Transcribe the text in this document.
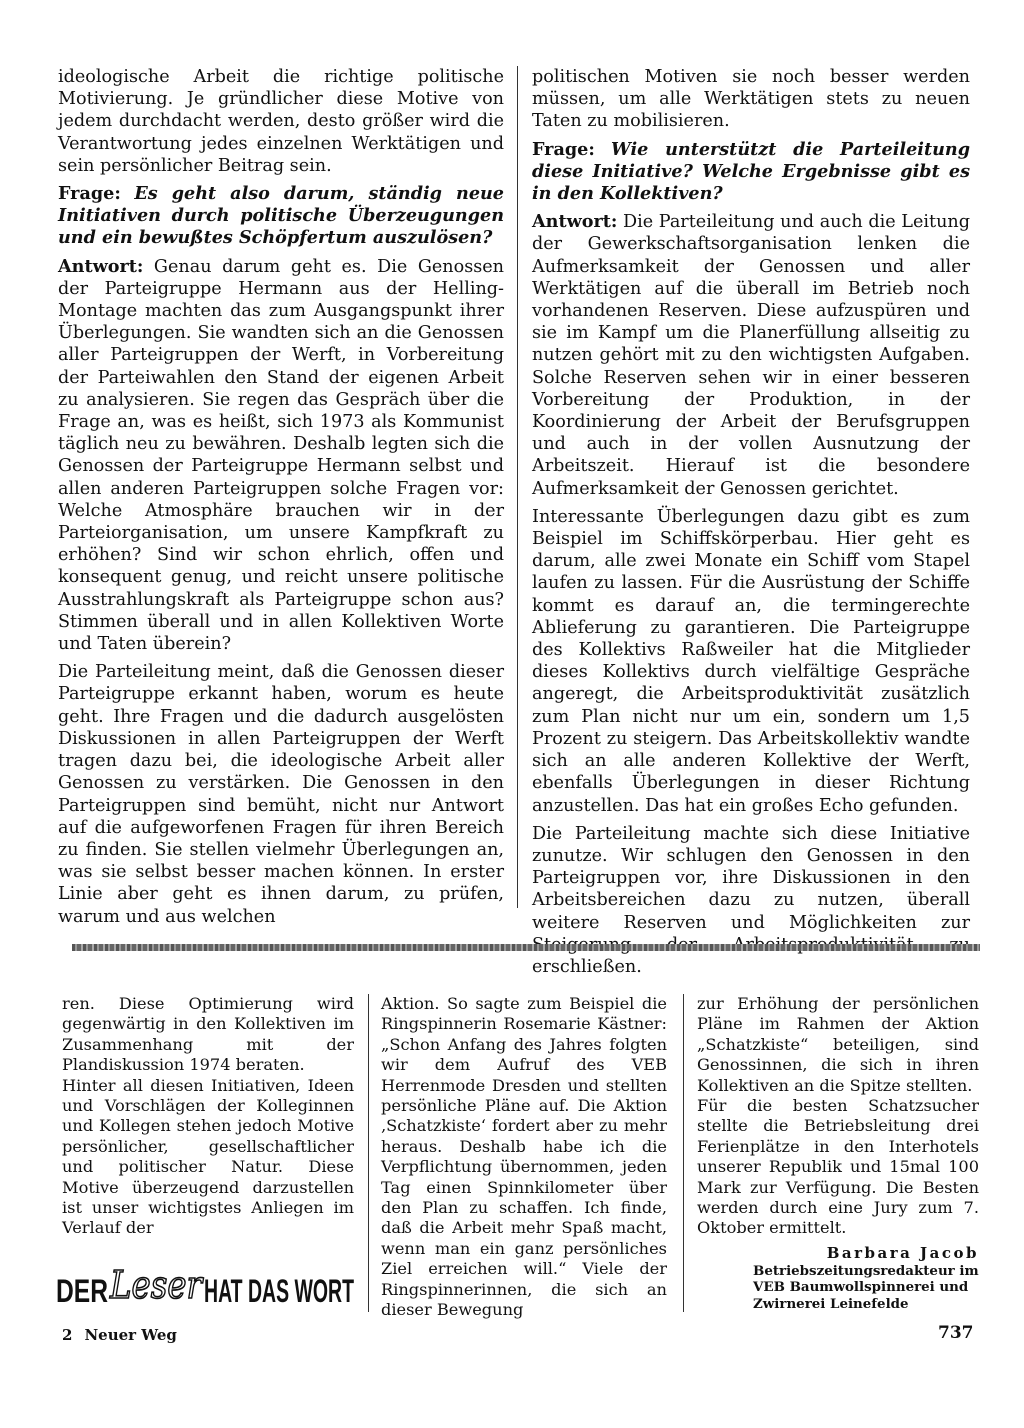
ideologische Arbeit die richtige politische Motivierung. Je gründlicher diese Motive von jedem durchdacht werden, desto größer wird die Verantwortung jedes einzelnen Werktätigen und sein persönlicher Beitrag sein.

Frage: Es geht also darum, ständig neue Initiativen durch politische Überzeugungen und ein bewußtes Schöpfertum auszulösen?

Antwort: Genau darum geht es. Die Genossen der Parteigruppe Hermann aus der Helling-Montage machten das zum Ausgangspunkt ihrer Überlegungen. Sie wandten sich an die Genossen aller Parteigruppen der Werft, in Vorbereitung der Parteiwahlen den Stand der eigenen Arbeit zu analysieren. Sie regen das Gespräch über die Frage an, was es heißt, sich 1973 als Kommunist täglich neu zu bewähren. Deshalb legten sich die Genossen der Parteigruppe Hermann selbst und allen anderen Parteigruppen solche Fragen vor: Welche Atmosphäre brauchen wir in der Parteiorganisation, um unsere Kampfkraft zu erhöhen? Sind wir schon ehrlich, offen und konsequent genug, und reicht unsere politische Ausstrahlungskraft als Parteigruppe schon aus? Stimmen überall und in allen Kollektiven Worte und Taten überein?

Die Parteileitung meint, daß die Genossen dieser Parteigruppe erkannt haben, worum es heute geht. Ihre Fragen und die dadurch ausgelösten Diskussionen in allen Parteigruppen der Werft tragen dazu bei, die ideologische Arbeit aller Genossen zu verstärken. Die Genossen in den Parteigruppen sind bemüht, nicht nur Antwort auf die aufgeworfenen Fragen für ihren Bereich zu finden. Sie stellen vielmehr Überlegungen an, was sie selbst besser machen können. In erster Linie aber geht es ihnen darum, zu prüfen, warum und aus welchen

politischen Motiven sie noch besser werden müssen, um alle Werktätigen stets zu neuen Taten zu mobilisieren.

Frage: Wie unterstützt die Parteileitung diese Initiative? Welche Ergebnisse gibt es in den Kollektiven?

Antwort: Die Parteileitung und auch die Leitung der Gewerkschaftsorganisation lenken die Aufmerksamkeit der Genossen und aller Werktätigen auf die überall im Betrieb noch vorhandenen Reserven. Diese aufzuspüren und sie im Kampf um die Planerfüllung allseitig zu nutzen gehört mit zu den wichtigsten Aufgaben. Solche Reserven sehen wir in einer besseren Vorbereitung der Produktion, in der Koordinierung der Arbeit der Berufsgruppen und auch in der vollen Ausnutzung der Arbeitszeit. Hierauf ist die besondere Aufmerksamkeit der Genossen gerichtet.

Interessante Überlegungen dazu gibt es zum Beispiel im Schiffskörperbau. Hier geht es darum, alle zwei Monate ein Schiff vom Stapel laufen zu lassen. Für die Ausrüstung der Schiffe kommt es darauf an, die termingerechte Ablieferung zu garantieren. Die Parteigruppe des Kollektivs Raßweiler hat die Mitglieder dieses Kollektivs durch vielfältige Gespräche angeregt, die Arbeitsproduktivität zusätzlich zum Plan nicht nur um ein, sondern um 1,5 Prozent zu steigern. Das Arbeitskollektiv wandte sich an alle anderen Kollektive der Werft, ebenfalls Überlegungen in dieser Richtung anzustellen. Das hat ein großes Echo gefunden.

Die Parteileitung machte sich diese Initiative zunutze. Wir schlugen den Genossen in den Parteigruppen vor, ihre Diskussionen in den Arbeitsbereichen dazu zu nutzen, überall weitere Reserven und Möglichkeiten zur erschließen.

ren. Diese Optimierung wird gegenwärtig in den Kollektiven im Zusammenhang mit der Plandiskussion 1974 beraten.

Hinter all diesen Initiativen, Ideen und Vorschlägen der Kolleginnen und Kollegen stehen jedoch Motive persönlicher, gesellschaftlicher und politischer Natur. Diese Motive überzeugend darzustellen ist unser wichtigstes Anliegen im Verlauf der

Aktion. So sagte zum Beispiel die Ringspinnerin Rosemarie Kästner: „Schon Anfang des Jahres folgten wir dem Aufruf des VEB Herrenmode Dresden und stellten persönliche Pläne auf. Die Aktion ‚Schatzkiste‘ fordert aber zu mehr heraus. Deshalb habe ich die Verpflichtung übernommen, jeden Tag einen Spinnkilometer über den Plan zu schaffen. Ich finde, daß die Arbeit mehr Spaß macht, wenn man ein ganz persönliches Ziel erreichen will.“ Viele der Ringspinnerinnen, die sich an dieser Bewegung

zur Erhöhung der persönlichen Pläne im Rahmen der Aktion „Schatzkiste“ beteiligen, sind Genossinnen, die sich in ihren Kollektiven an die Spitze stellten.

Für die besten Schatzsucher stellte die Betriebsleitung drei Ferienplätze in den Interhotels unserer Republik und 15mal 100 Mark zur Verfügung. Die Besten werden durch eine Jury zum 7. Oktober ermittelt.

Barbara Jacob
Betriebszeitungsredakteur im VEB Baumwollspinnerei und Zwirnerei Leinefelde
DER Leser HAT DAS WORT
2 Neuer Weg	737
